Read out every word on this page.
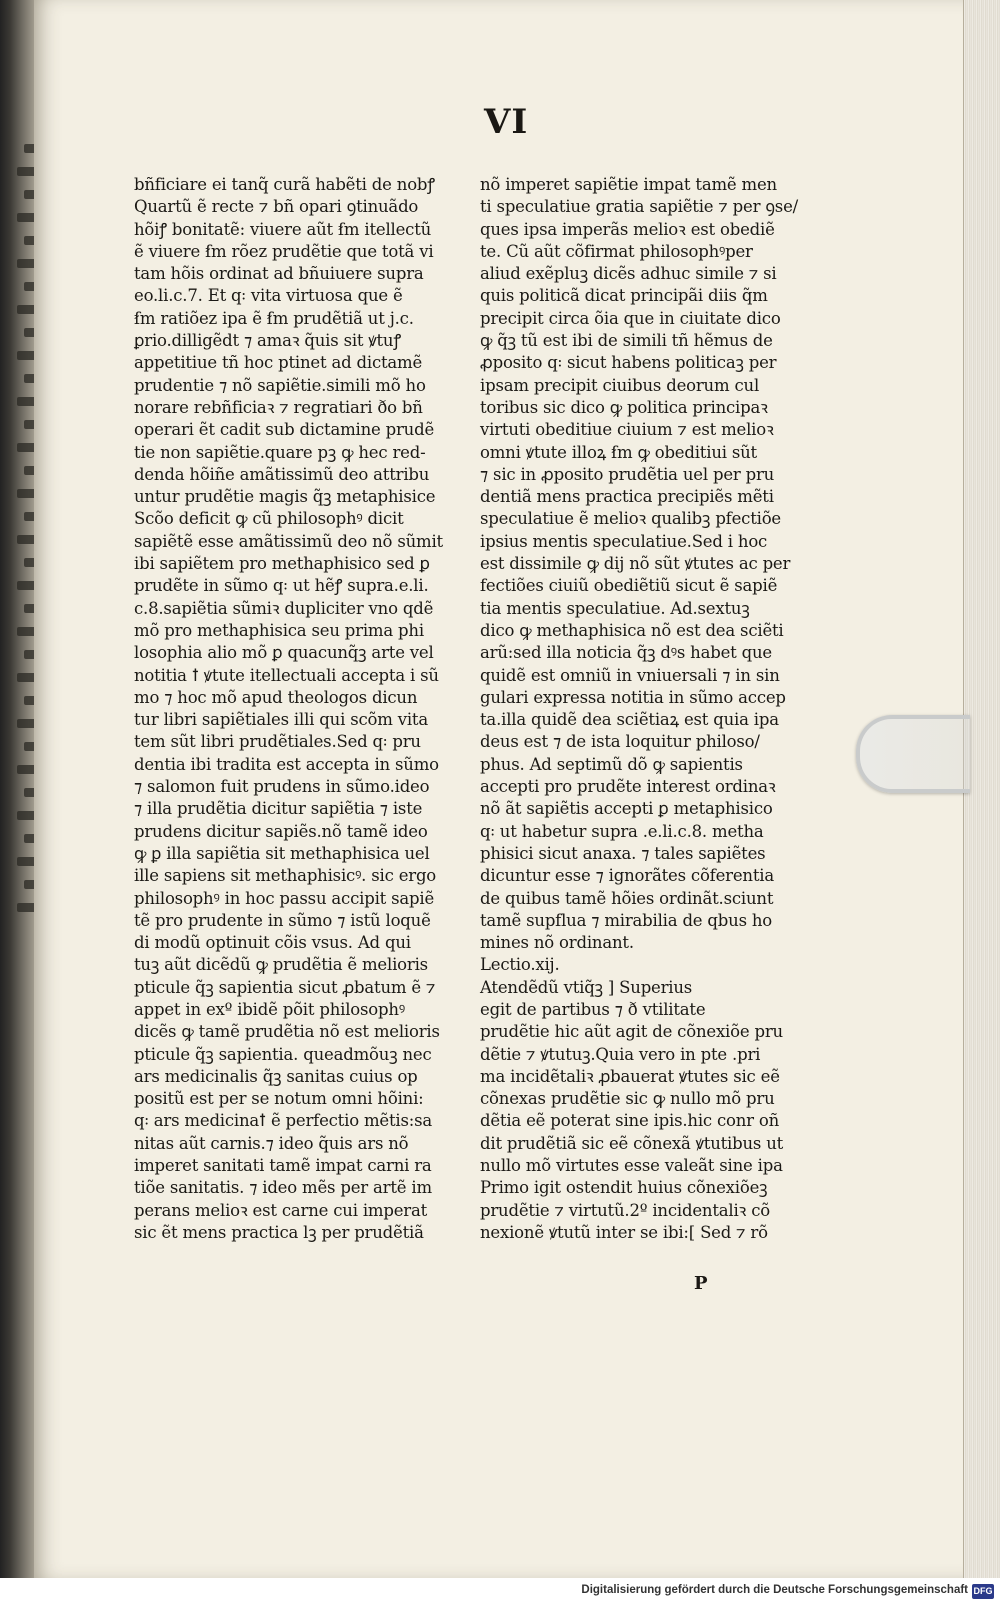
VI
bñficiare ei tanq̃ curã habẽti de nobꝭ
Quartũ ẽ recte ⁊ bñ opari ꝯtinuãdo
hõiꝭ bonitatẽ: viuere aũt ẜm itellectũ
ẽ viuere ẜm rõez prudẽtie que totã vi
tam hõis ordinat ad bñuiuere supra
eo.li.c.7. Et q꞉ vita virtuosa que ẽ
ẜm ratiõez ipa ẽ ẜm prudẽtiã ut j.c.
ꝑrio.dilligẽdt ⁊ amaꝛ q̃uis sit ꝟtuꝭ
appetitiue tñ hoc ptinet ad dictamẽ
prudentie ⁊ nõ sapiẽtie.simili mõ ho
norare rebñficiaꝛ ⁊ regratiari ðo bñ
operari ẽt cadit sub dictamine prudẽ
tie non sapiẽtie.quare pꝫ ꝙ hec red-
denda hõiñe amãtissimũ deo attribu
untur prudẽtie magis q̃ꝫ metaphisice
Scõo deficit ꝙ cũ philosophꝰ dicit
sapiẽtẽ esse amãtissimũ deo nõ sũmit
ibi sapiẽtem pro methaphisico sed ꝑ
prudẽte in sũmo q꞉ ut hẽꝭ supra.e.li.
c.8.sapiẽtia sũmiꝛ dupliciter vno qdẽ
mõ pro methaphisica seu prima phi
losophia alio mõ ꝑ quacunq̃ꝫ arte vel
notitia ꝉ ꝟtute itellectuali accepta i sũ
mo ⁊ hoc mõ apud theologos dicun
tur libri sapiẽtiales illi qui scõm vita
tem sũt libri prudẽtiales.Sed q꞉ pru
dentia ibi tradita est accepta in sũmo
⁊ salomon fuit prudens in sũmo.ideo
⁊ illa prudẽtia dicitur sapiẽtia ⁊ iste
prudens dicitur sapiẽs.nõ tamẽ ideo
ꝙ ꝑ illa sapiẽtia sit methaphisica uel
ille sapiens sit methaphisicꝰ. sic ergo
philosophꝰ in hoc passu accipit sapiẽ
tẽ pro prudente in sũmo ⁊ istũ loquẽ
di modũ optinuit cõis vsus. Ad qui
tuꝫ aũt dicẽdũ ꝙ prudẽtia ẽ melioris
pticule q̃ꝫ sapientia sicut ꝓbatum ẽ ⁊
appet in exº ibidẽ põit philosophꝰ
dicẽs ꝙ tamẽ prudẽtia nõ est melioris
pticule q̃ꝫ sapientia. queadmõuꝫ nec
ars medicinalis q̃ꝫ sanitas cuius op
positũ est per se notum omni hõini:
q꞉ ars medicinaꝉ ẽ perfectio mẽtis:sa
nitas aũt carnis.⁊ ideo q̃uis ars nõ
imperet sanitati tamẽ impat carni ra
tiõe sanitatis. ⁊ ideo mẽs per artẽ im
perans melioꝛ est carne cui imperat
sic ẽt mens practica lꝫ per prudẽtiã
nõ imperet sapiẽtie impat tamẽ men
ti speculatiue gratia sapiẽtie ⁊ per ꝯse/
ques ipsa imperãs melioꝛ est obediẽ
te. Cũ aũt cõfirmat philosophꝰper
aliud exẽpluꝫ dicẽs adhuc simile ⁊ si
quis politicã dicat principãi diis q̃m
precipit circa õia que in ciuitate dico
ꝙ q̃ꝫ tũ est ibi de simili tñ hẽmus de
ꝓposito q꞉ sicut habens politicaꝫ per
ipsam precipit ciuibus deorum cul
toribus sic dico ꝙ politica principaꝛ
virtuti obeditiue ciuium ⁊ est melioꝛ
omni ꝟtute illoꝝ ẜm ꝙ obeditiui sũt
⁊ sic in ꝓposito prudẽtia uel per pru
dentiã mens practica precipiẽs mẽti
speculatiue ẽ melioꝛ qualibꝫ pfectiõe
ipsius mentis speculatiue.Sed i hoc
est dissimile ꝙ dij nõ sũt ꝟtutes ac per
fectiões ciuiũ obediẽtiũ sicut ẽ sapiẽ
tia mentis speculatiue. Ad.sextuꝫ
dico ꝙ methaphisica nõ est dea sciẽti
arũ:sed illa noticia q̃ꝫ dꝰs habet que
quidẽ est omniũ in vniuersali ⁊ in sin
gulari expressa notitia in sũmo accep
ta.illa quidẽ dea sciẽtiaꝝ est quia ipa
deus est ⁊ de ista loquitur philoso/
phus. Ad septimũ dõ ꝙ sapientis
accepti pro prudẽte interest ordinaꝛ
nõ ãt sapiẽtis accepti ꝑ metaphisico
q꞉ ut habetur supra .e.li.c.8. metha
phisici sicut anaxa. ⁊ tales sapiẽtes
dicuntur esse ⁊ ignorãtes cõferentia
de quibus tamẽ hõies ordinãt.sciunt
tamẽ supflua ⁊ mirabilia de qbus ho
mines nõ ordinant.
Lectio.xij.
Atendẽdũ vtiq̃ꝫ ] Superius
egit de partibus ⁊ ð vtilitate
prudẽtie hic aũt agit de cõnexiõe pru
dẽtie ⁊ ꝟtutuꝫ.Quia vero in pte .pri
ma incidẽtaliꝛ ꝓbauerat ꝟtutes sic eẽ
cõnexas prudẽtie sic ꝙ nullo mõ pru
dẽtia eẽ poterat sine ipis.hic conr oñ
dit prudẽtiã sic eẽ cõnexã ꝟtutibus ut
nullo mõ virtutes esse valeãt sine ipa
Primo igit ostendit huius cõnexiõeꝫ
prudẽtie ⁊ virtutũ.2º incidentaliꝛ cõ
nexionẽ ꝟtutũ inter se ibi:[ Sed ⁊ rõ
P
Digitalisierung gefördert durch die Deutsche Forschungsgemeinschaft DFG
